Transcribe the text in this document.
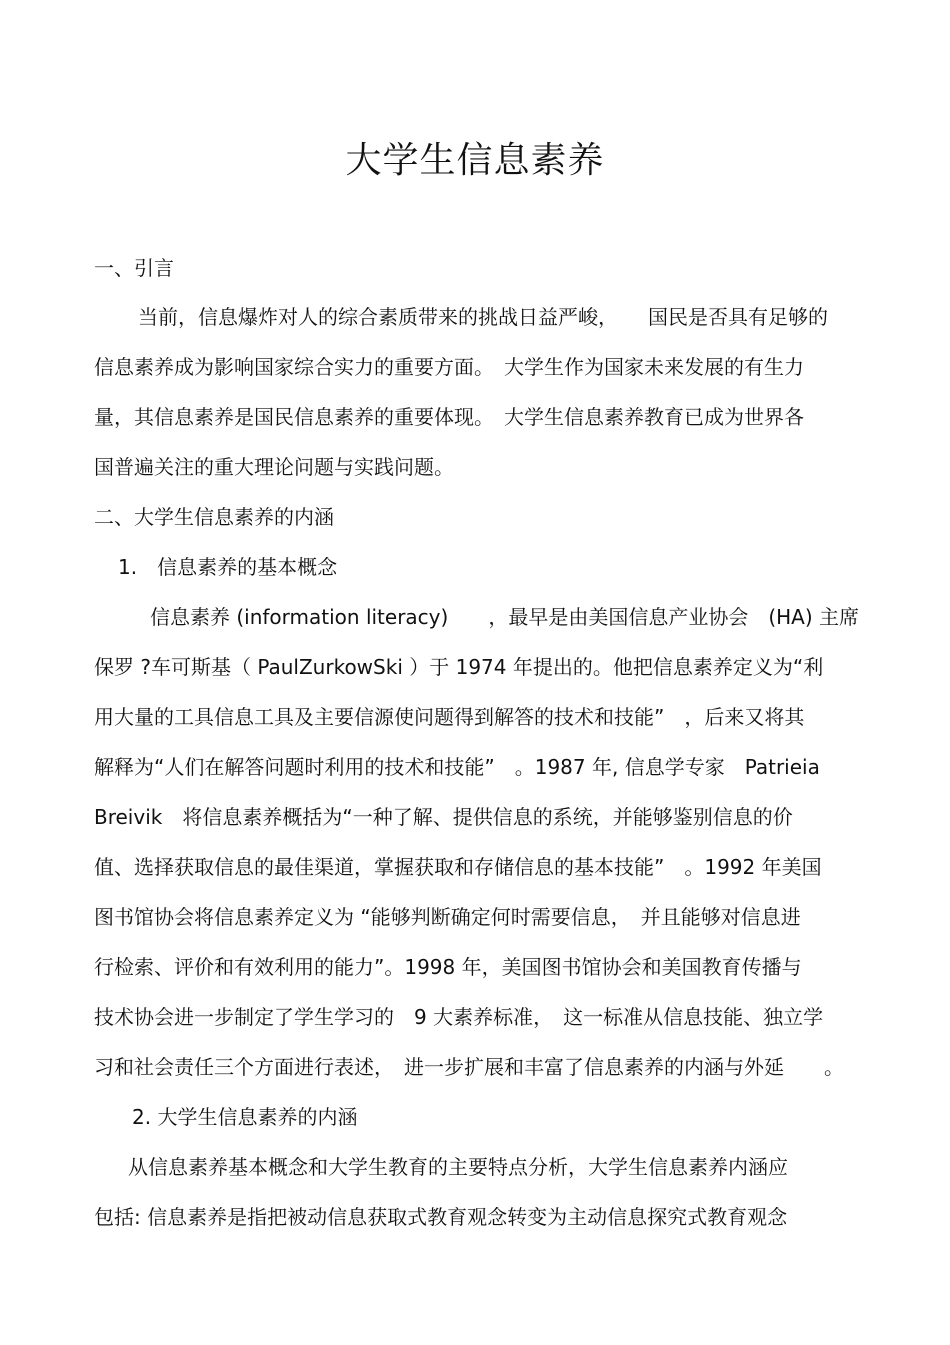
大学生信息素养
一、引言
当前，信息爆炸对人的综合素质带来的挑战日益严峻，　　国民是否具有足够的
信息素养成为影响国家综合实力的重要方面。　大学生作为国家未来发展的有生力
量，其信息素养是国民信息素养的重要体现。　大学生信息素养教育已成为世界各
国普遍关注的重大理论问题与实践问题。
二、大学生信息素养的内涵
1.　信息素养的基本概念
信息素养 (information literacy)　　，最早是由美国信息产业协会　(HA) 主席
保罗 ?车可斯基（ PaulZurkowSki ）于 1974 年提出的。他把信息素养定义为“利
用大量的工具信息工具及主要信源使问题得到解答的技术和技能”　，后来又将其
解释为“人们在解答问题时利用的技术和技能”　。1987 年, 信息学专家　Patrieia
Breivik　将信息素养概括为“一种了解、提供信息的系统，并能够鉴别信息的价
值、选择获取信息的最佳渠道，掌握获取和存储信息的基本技能”　。1992 年美国
图书馆协会将信息素养定义为 “能够判断确定何时需要信息，　并且能够对信息进
行检索、评价和有效利用的能力”。1998 年，美国图书馆协会和美国教育传播与
技术协会进一步制定了学生学习的　9 大素养标准，　这一标准从信息技能、独立学
习和社会责任三个方面进行表述，　进一步扩展和丰富了信息素养的内涵与外延　　。
2. 大学生信息素养的内涵
从信息素养基本概念和大学生教育的主要特点分析，大学生信息素养内涵应
包括: 信息素养是指把被动信息获取式教育观念转变为主动信息探究式教育观念
